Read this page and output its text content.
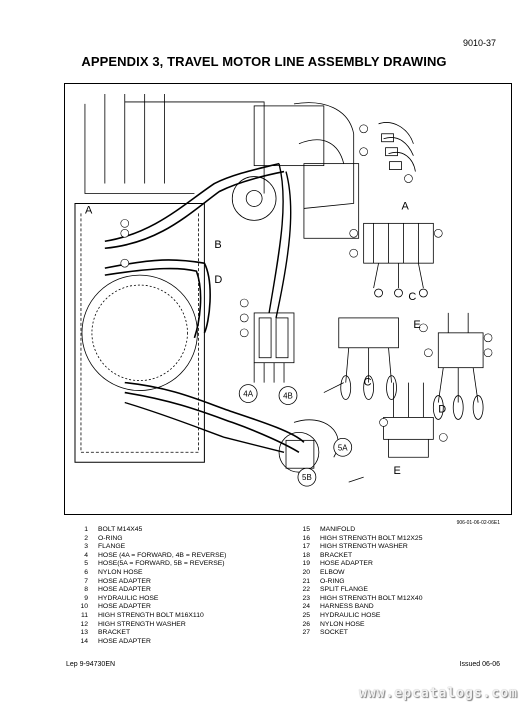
9010-37
APPENDIX 3, TRAVEL MOTOR LINE ASSEMBLY DRAWING
A
B
D
A
C
C
D
E
E
4A	4B
5A
5B
906-01-06-02-06E1
1 BOLT M14X45
2 O-RING
3 FLANGE
4 HOSE (4A = FORWARD, 4B = REVERSE)
5 HOSE(5A = FORWARD, 5B = REVERSE)
6 NYLON HOSE
7 HOSE ADAPTER
8 HOSE ADAPTER
9 HYDRAULIC HOSE
10 HOSE ADAPTER
11 HIGH STRENGTH BOLT M16X110
12 HIGH STRENGTH WASHER
13 BRACKET
14 HOSE ADAPTER
15 MANIFOLD
16 HIGH STRENGTH BOLT M12X25
17 HIGH STRENGTH WASHER
18 BRACKET
19 HOSE ADAPTER
20 ELBOW
21 O-RING
22 SPLIT FLANGE
23 HIGH STRENGTH BOLT M12X40
24 HARNESS BAND
25 HYDRAULIC HOSE
26 NYLON HOSE
27 SOCKET
Lep 9-94730EN	Issued 06-06
www.epcatalogs.com
